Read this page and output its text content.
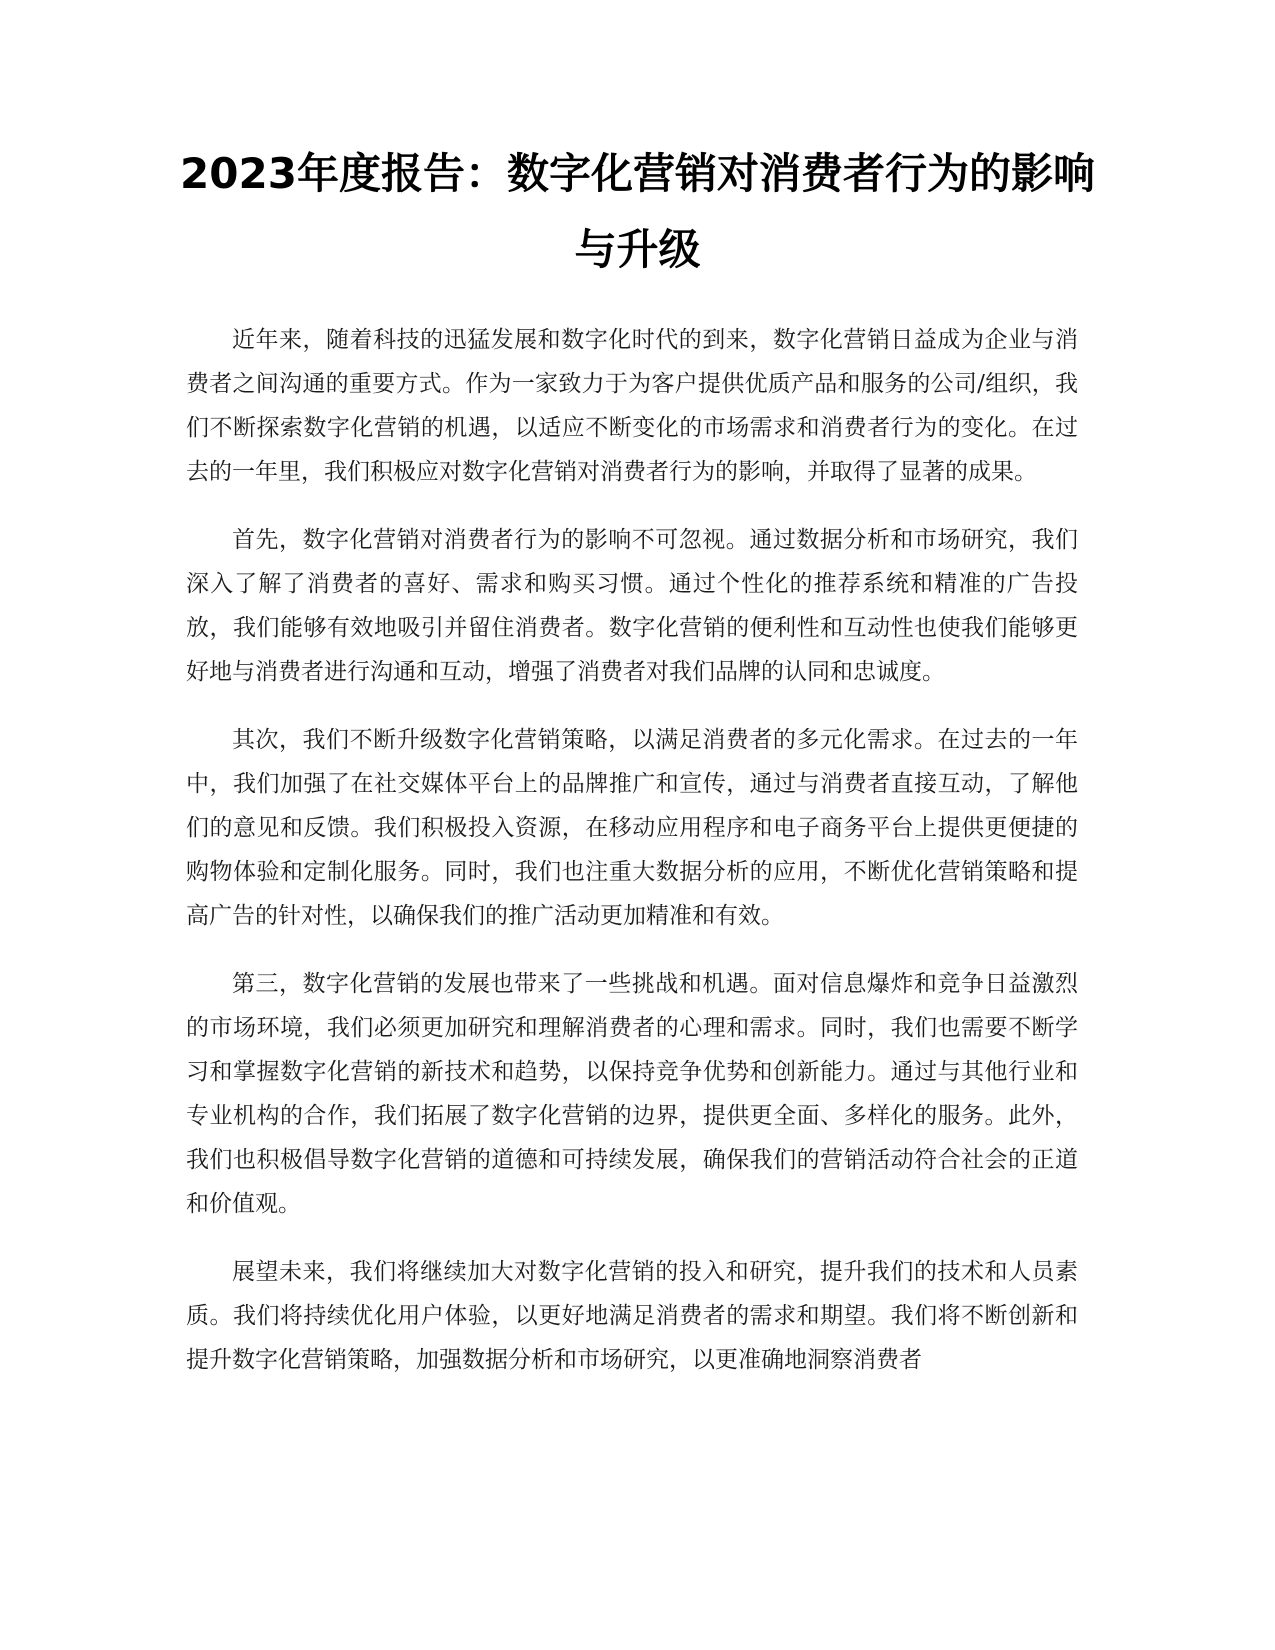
2023年度报告：数字化营销对消费者行为的影响与升级

近年来，随着科技的迅猛发展和数字化时代的到来，数字化营销日益成为企业与消费者之间沟通的重要方式。作为一家致力于为客户提供优质产品和服务的公司/组织，我们不断探索数字化营销的机遇，以适应不断变化的市场需求和消费者行为的变化。在过去的一年里，我们积极应对数字化营销对消费者行为的影响，并取得了显著的成果。

首先，数字化营销对消费者行为的影响不可忽视。通过数据分析和市场研究，我们深入了解了消费者的喜好、需求和购买习惯。通过个性化的推荐系统和精准的广告投放，我们能够有效地吸引并留住消费者。数字化营销的便利性和互动性也使我们能够更好地与消费者进行沟通和互动，增强了消费者对我们品牌的认同和忠诚度。

其次，我们不断升级数字化营销策略，以满足消费者的多元化需求。在过去的一年中，我们加强了在社交媒体平台上的品牌推广和宣传，通过与消费者直接互动，了解他们的意见和反馈。我们积极投入资源，在移动应用程序和电子商务平台上提供更便捷的购物体验和定制化服务。同时，我们也注重大数据分析的应用，不断优化营销策略和提高广告的针对性，以确保我们的推广活动更加精准和有效。

第三，数字化营销的发展也带来了一些挑战和机遇。面对信息爆炸和竞争日益激烈的市场环境，我们必须更加研究和理解消费者的心理和需求。同时，我们也需要不断学习和掌握数字化营销的新技术和趋势，以保持竞争优势和创新能力。通过与其他行业和专业机构的合作，我们拓展了数字化营销的边界，提供更全面、多样化的服务。此外，我们也积极倡导数字化营销的道德和可持续发展，确保我们的营销活动符合社会的正道和价值观。

展望未来，我们将继续加大对数字化营销的投入和研究，提升我们的技术和人员素质。我们将持续优化用户体验，以更好地满足消费者的需求和期望。我们将不断创新和提升数字化营销策略，加强数据分析和市场研究，以更准确地洞察消费者
